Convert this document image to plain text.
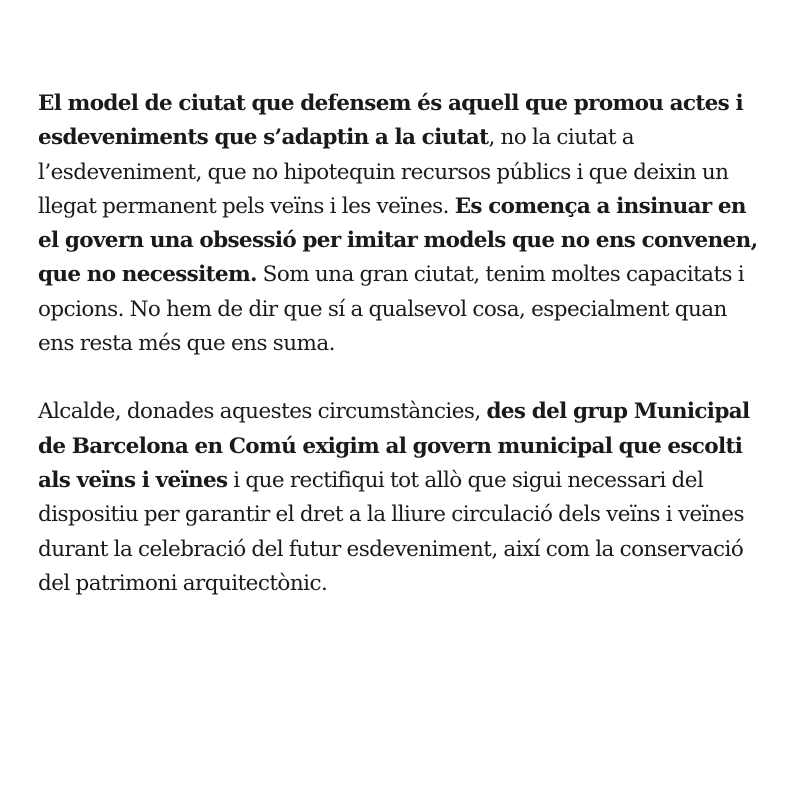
El model de ciutat que defensem és aquell que promou actes i esdeveniments que s’adaptin a la ciutat, no la ciutat a l’esdeveniment, que no hipotequin recursos públics i que deixin un llegat permanent pels veïns i les veïnes. Es comença a insinuar en el govern una obsessió per imitar models que no ens convenen, que no necessitem. Som una gran ciutat, tenim moltes capacitats i opcions. No hem de dir que sí a qualsevol cosa, especialment quan ens resta més que ens suma.

Alcalde, donades aquestes circumstàncies, des del grup Municipal de Barcelona en Comú exigim al govern municipal que escolti als veïns i veïnes i que rectifiqui tot allò que sigui necessari del dispositiu per garantir el dret a la lliure circulació dels veïns i veïnes durant la celebració del futur esdeveniment, així com la conservació del patrimoni arquitectònic.
